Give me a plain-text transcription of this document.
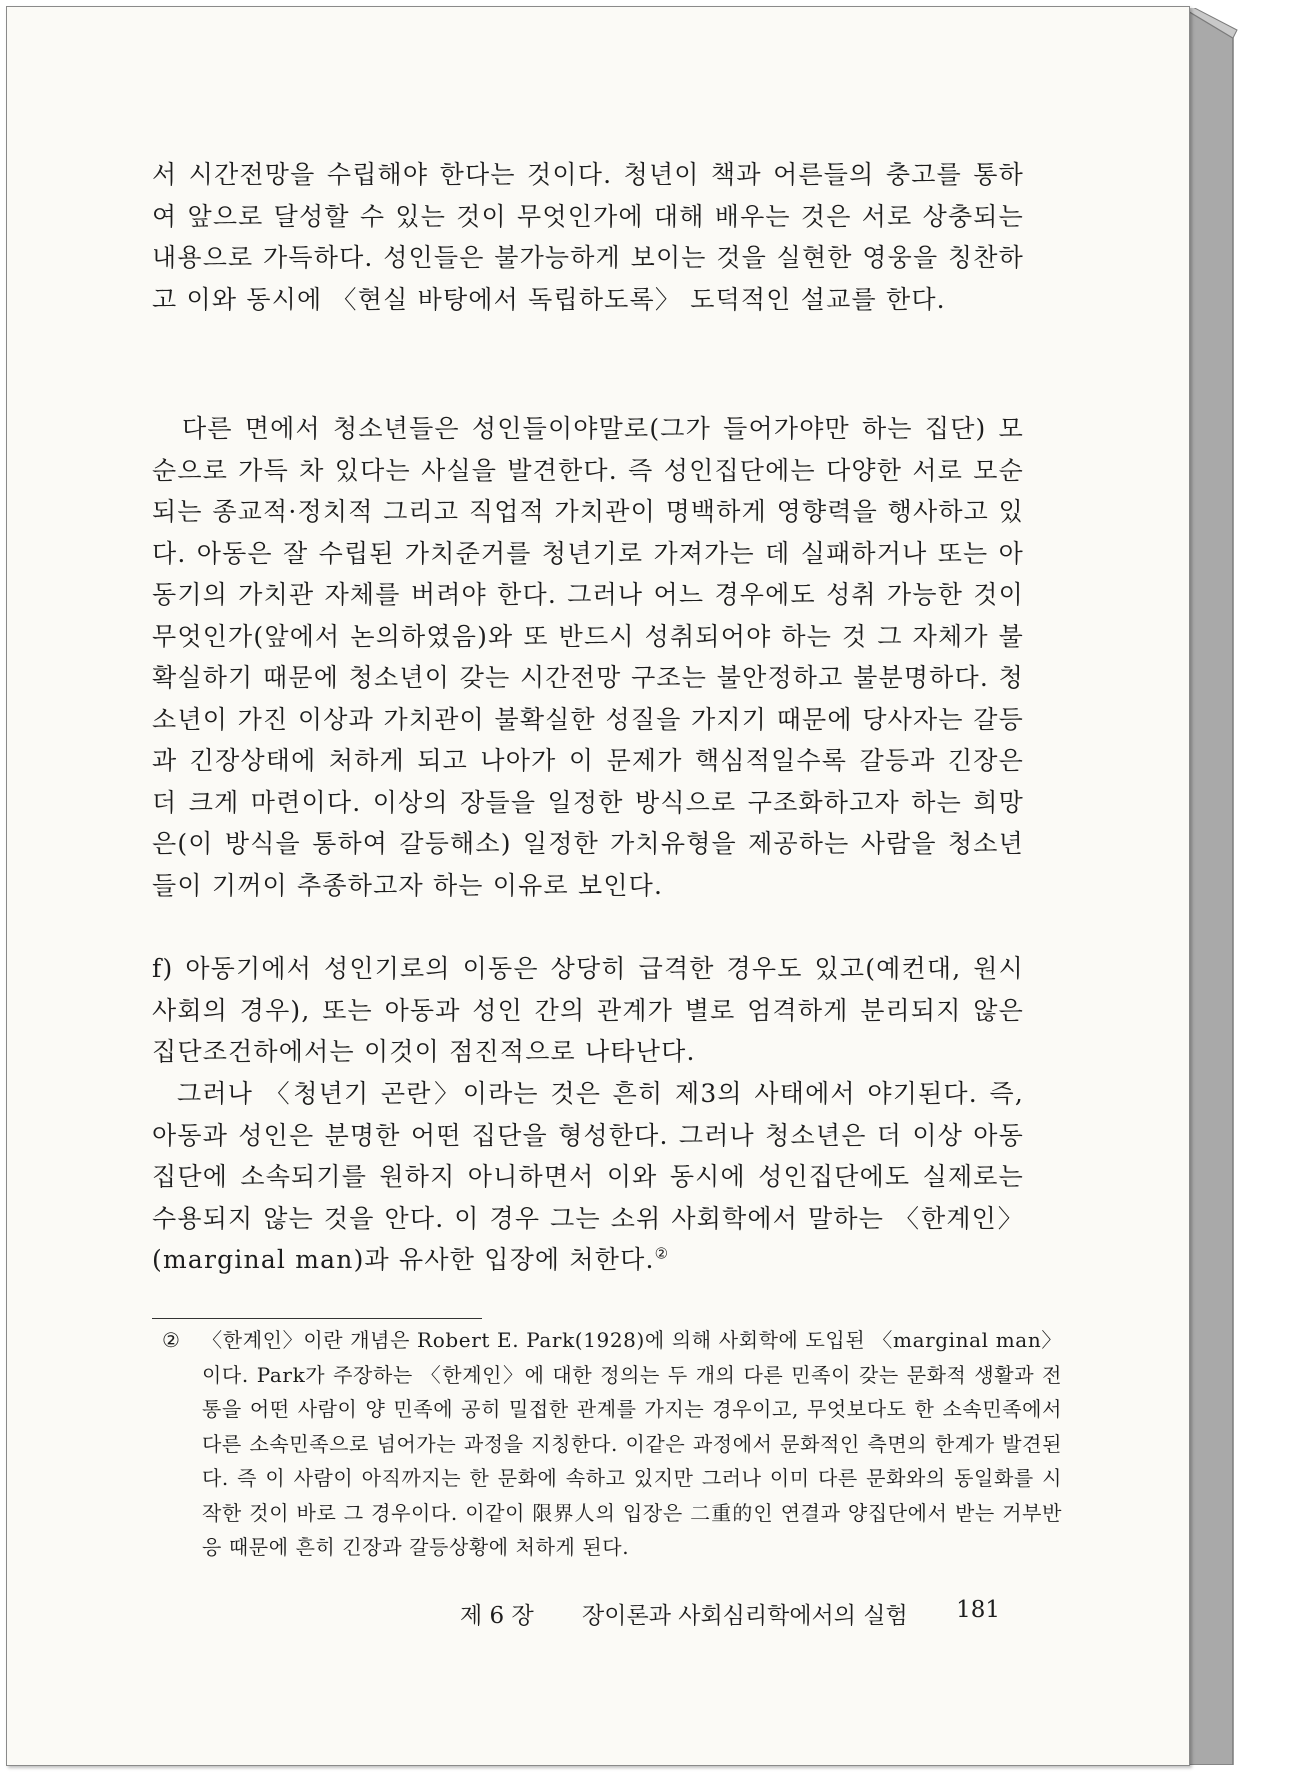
서 시간전망을 수립해야 한다는 것이다. 청년이 책과 어른들의 충고를 통하여 앞으로 달성할 수 있는 것이 무엇인가에 대해 배우는 것은 서로 상충되는 내용으로 가득하다. 성인들은 불가능하게 보이는 것을 실현한 영웅을 칭찬하고 이와 동시에 〈현실 바탕에서 독립하도록〉 도덕적인 설교를 한다.
다른 면에서 청소년들은 성인들이야말로(그가 들어가야만 하는 집단) 모순으로 가득 차 있다는 사실을 발견한다. 즉 성인집단에는 다양한 서로 모순되는 종교적·정치적 그리고 직업적 가치관이 명백하게 영향력을 행사하고 있다. 아동은 잘 수립된 가치준거를 청년기로 가져가는 데 실패하거나 또는 아동기의 가치관 자체를 버려야 한다. 그러나 어느 경우에도 성취 가능한 것이 무엇인가(앞에서 논의하였음)와 또 반드시 성취되어야 하는 것 그 자체가 불확실하기 때문에 청소년이 갖는 시간전망 구조는 불안정하고 불분명하다. 청소년이 가진 이상과 가치관이 불확실한 성질을 가지기 때문에 당사자는 갈등과 긴장상태에 처하게 되고 나아가 이 문제가 핵심적일수록 갈등과 긴장은 더 크게 마련이다. 이상의 장들을 일정한 방식으로 구조화하고자 하는 희망은(이 방식을 통하여 갈등해소) 일정한 가치유형을 제공하는 사람을 청소년들이 기꺼이 추종하고자 하는 이유로 보인다.
f) 아동기에서 성인기로의 이동은 상당히 급격한 경우도 있고(예컨대, 원시사회의 경우), 또는 아동과 성인 간의 관계가 별로 엄격하게 분리되지 않은 집단조건하에서는 이것이 점진적으로 나타난다.
그러나 〈청년기 곤란〉이라는 것은 흔히 제3의 사태에서 야기된다. 즉, 아동과 성인은 분명한 어떤 집단을 형성한다. 그러나 청소년은 더 이상 아동집단에 소속되기를 원하지 아니하면서 이와 동시에 성인집단에도 실제로는 수용되지 않는 것을 안다. 이 경우 그는 소위 사회학에서 말하는 〈한계인〉(marginal man)과 유사한 입장에 처한다.②
② 〈한계인〉이란 개념은 Robert E. Park(1928)에 의해 사회학에 도입된 〈marginal man〉이다. Park가 주장하는 〈한계인〉에 대한 정의는 두 개의 다른 민족이 갖는 문화적 생활과 전통을 어떤 사람이 양 민족에 공히 밀접한 관계를 가지는 경우이고, 무엇보다도 한 소속민족에서 다른 소속민족으로 넘어가는 과정을 지칭한다. 이같은 과정에서 문화적인 측면의 한계가 발견된다. 즉 이 사람이 아직까지는 한 문화에 속하고 있지만 그러나 이미 다른 문화와의 동일화를 시작한 것이 바로 그 경우이다. 이같이 限界人의 입장은 二重的인 연결과 양집단에서 받는 거부반응 때문에 흔히 긴장과 갈등상황에 처하게 된다.
제 6 장 장이론과 사회심리학에서의 실험 181
